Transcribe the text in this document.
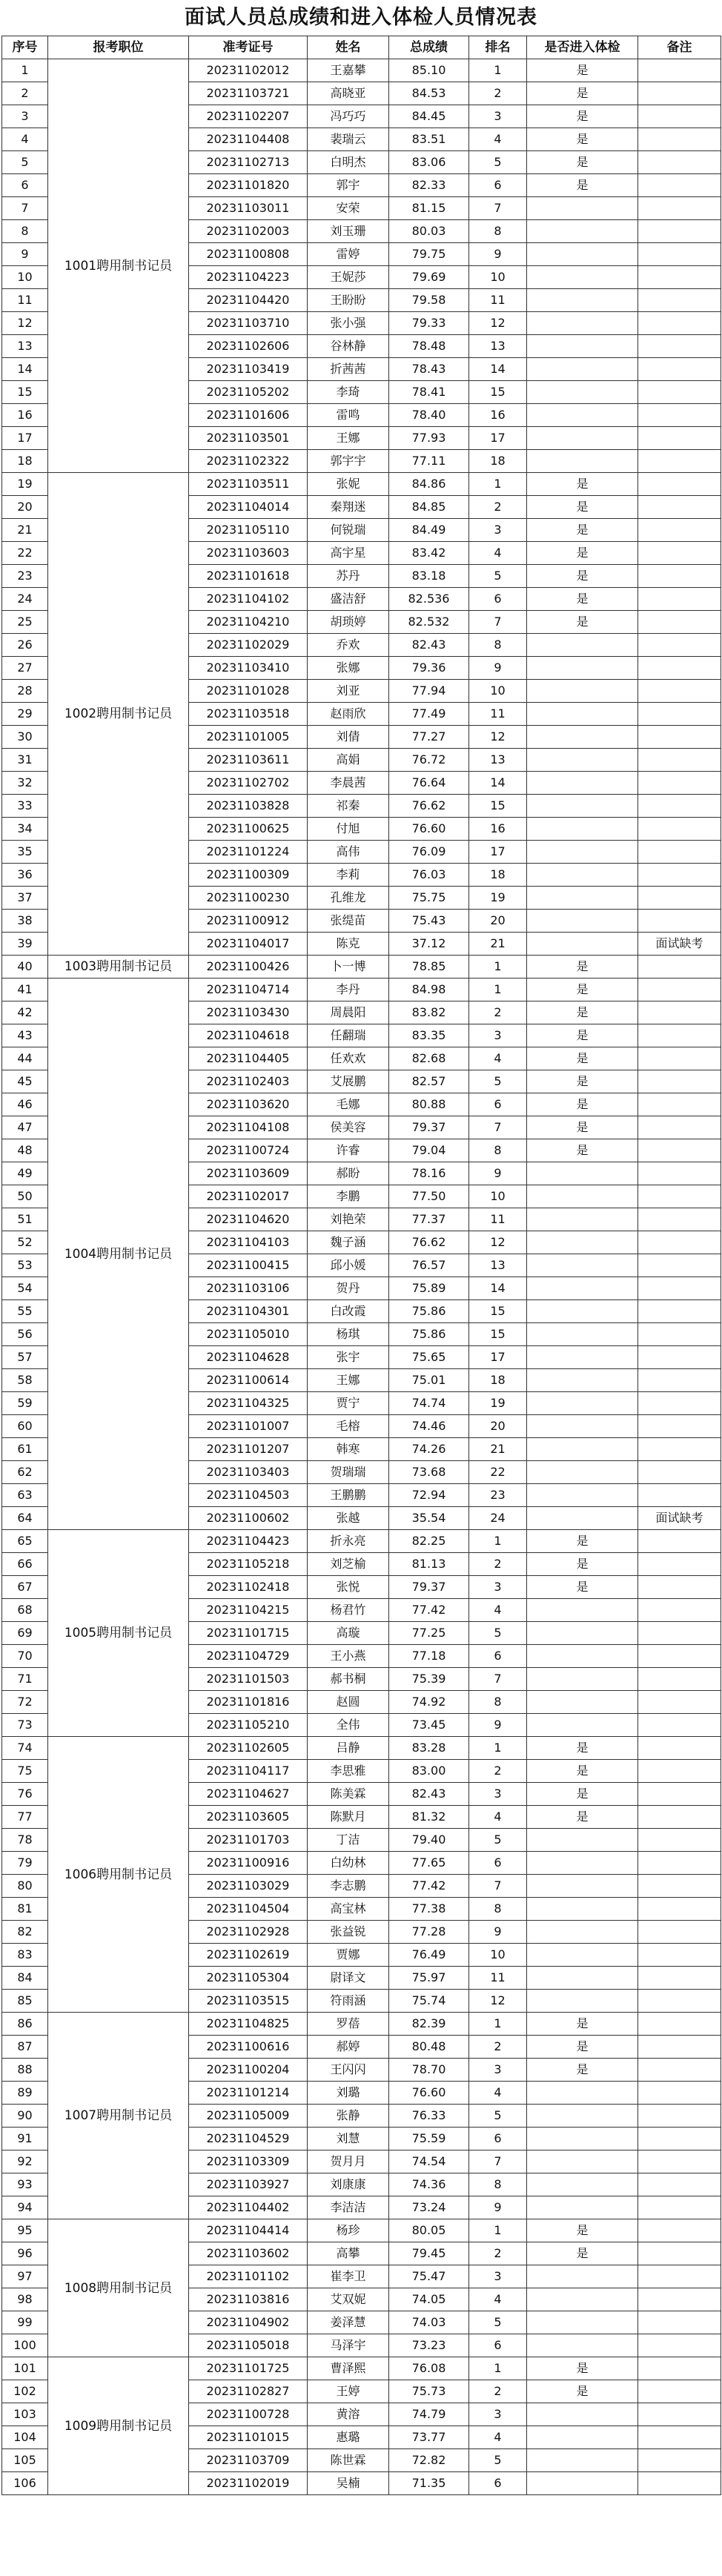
面试人员总成绩和进入体检人员情况表
序号	报考职位	准考证号	姓名	总成绩	排名	是否进入体检	备注
1	1001聘用制书记员	20231102012	王嘉攀	85.10	1	是	
2		20231103721	高晓亚	84.53	2	是	
3		20231102207	冯巧巧	84.45	3	是	
4		20231104408	裴瑞云	83.51	4	是	
5		20231102713	白明杰	83.06	5	是	
6		20231101820	郭宇	82.33	6	是	
7		20231103011	安荣	81.15	7		
8		20231102003	刘玉珊	80.03	8		
9		20231100808	雷婷	79.75	9		
10		20231104223	王妮莎	79.69	10		
11		20231104420	王盼盼	79.58	11		
12		20231103710	张小强	79.33	12		
13		20231102606	谷林静	78.48	13		
14		20231103419	折茜茜	78.43	14		
15		20231105202	李琦	78.41	15		
16		20231101606	雷鸣	78.40	16		
17		20231103501	王娜	77.93	17		
18		20231102322	郭宇宇	77.11	18		
19	1002聘用制书记员	20231103511	张妮	84.86	1	是	
20		20231104014	秦翔迷	84.85	2	是	
21		20231105110	何锐瑞	84.49	3	是	
22		20231103603	高宇星	83.42	4	是	
23		20231101618	苏丹	83.18	5	是	
24		20231104102	盛洁舒	82.536	6	是	
25		20231104210	胡琐婷	82.532	7	是	
26		20231102029	乔欢	82.43	8		
27		20231103410	张娜	79.36	9		
28		20231101028	刘亚	77.94	10		
29		20231103518	赵雨欣	77.49	11		
30		20231101005	刘倩	77.27	12		
31		20231103611	高娟	76.72	13		
32		20231102702	李晨茜	76.64	14		
33		20231103828	祁秦	76.62	15		
34		20231100625	付旭	76.60	16		
35		20231101224	高伟	76.09	17		
36		20231100309	李莉	76.03	18		
37		20231100230	孔维龙	75.75	19		
38		20231100912	张缇苗	75.43	20		
39		20231104017	陈克	37.12	21		面试缺考
40	1003聘用制书记员	20231100426	卜一博	78.85	1	是	
41	1004聘用制书记员	20231104714	李丹	84.98	1	是	
42		20231103430	周晨阳	83.82	2	是	
43		20231104618	任翻瑞	83.35	3	是	
44		20231104405	任欢欢	82.68	4	是	
45		20231102403	艾展鹏	82.57	5	是	
46		20231103620	毛娜	80.88	6	是	
47		20231104108	侯美容	79.37	7	是	
48		20231100724	许睿	79.04	8	是	
49		20231103609	郝盼	78.16	9		
50		20231102017	李鹏	77.50	10		
51		20231104620	刘艳荣	77.37	11		
52		20231104103	魏子涵	76.62	12		
53		20231100415	邱小媛	76.57	13		
54		20231103106	贺丹	75.89	14		
55		20231104301	白改霞	75.86	15		
56		20231105010	杨琪	75.86	15		
57		20231104628	张宇	75.65	17		
58		20231100614	王娜	75.01	18		
59		20231104325	贾宁	74.74	19		
60		20231101007	毛榕	74.46	20		
61		20231101207	韩寒	74.26	21		
62		20231103403	贺瑞瑞	73.68	22		
63		20231104503	王鹏鹏	72.94	23		
64		20231100602	张越	35.54	24		面试缺考
65	1005聘用制书记员	20231104423	折永亮	82.25	1	是	
66		20231105218	刘芝榆	81.13	2	是	
67		20231102418	张悦	79.37	3	是	
68		20231104215	杨君竹	77.42	4		
69		20231101715	高璇	77.25	5		
70		20231104729	王小燕	77.18	6		
71		20231101503	郝书桐	75.39	7		
72		20231101816	赵圆	74.92	8		
73		20231105210	全伟	73.45	9		
74	1006聘用制书记员	20231102605	吕静	83.28	1	是	
75		20231104117	李思雅	83.00	2	是	
76		20231104627	陈美霖	82.43	3	是	
77		20231103605	陈默月	81.32	4	是	
78		20231101703	丁洁	79.40	5		
79		20231100916	白幼林	77.65	6		
80		20231103029	李志鹏	77.42	7		
81		20231104504	高宝林	77.38	8		
82		20231102928	张益锐	77.28	9		
83		20231102619	贾娜	76.49	10		
84		20231105304	尉译文	75.97	11		
85		20231103515	符雨涵	75.74	12		
86	1007聘用制书记员	20231104825	罗蓓	82.39	1	是	
87		20231100616	郝婷	80.48	2	是	
88		20231100204	王闪闪	78.70	3	是	
89		20231101214	刘璐	76.60	4		
90		20231105009	张静	76.33	5		
91		20231104529	刘慧	75.59	6		
92		20231103309	贺月月	74.54	7		
93		20231103927	刘康康	74.36	8		
94		20231104402	李洁洁	73.24	9		
95	1008聘用制书记员	20231104414	杨珍	80.05	1	是	
96		20231103602	高攀	79.45	2	是	
97		20231101102	崔李卫	75.47	3		
98		20231103816	艾双妮	74.05	4		
99		20231104902	姜泽慧	74.03	5		
100		20231105018	马泽宇	73.23	6		
101	1009聘用制书记员	20231101725	曹泽熙	76.08	1	是	
102		20231102827	王婷	75.73	2	是	
103		20231100728	黄溶	74.79	3		
104		20231101015	惠璐	73.77	4		
105		20231103709	陈世霖	72.82	5		
106		20231102019	吴楠	71.35	6		
